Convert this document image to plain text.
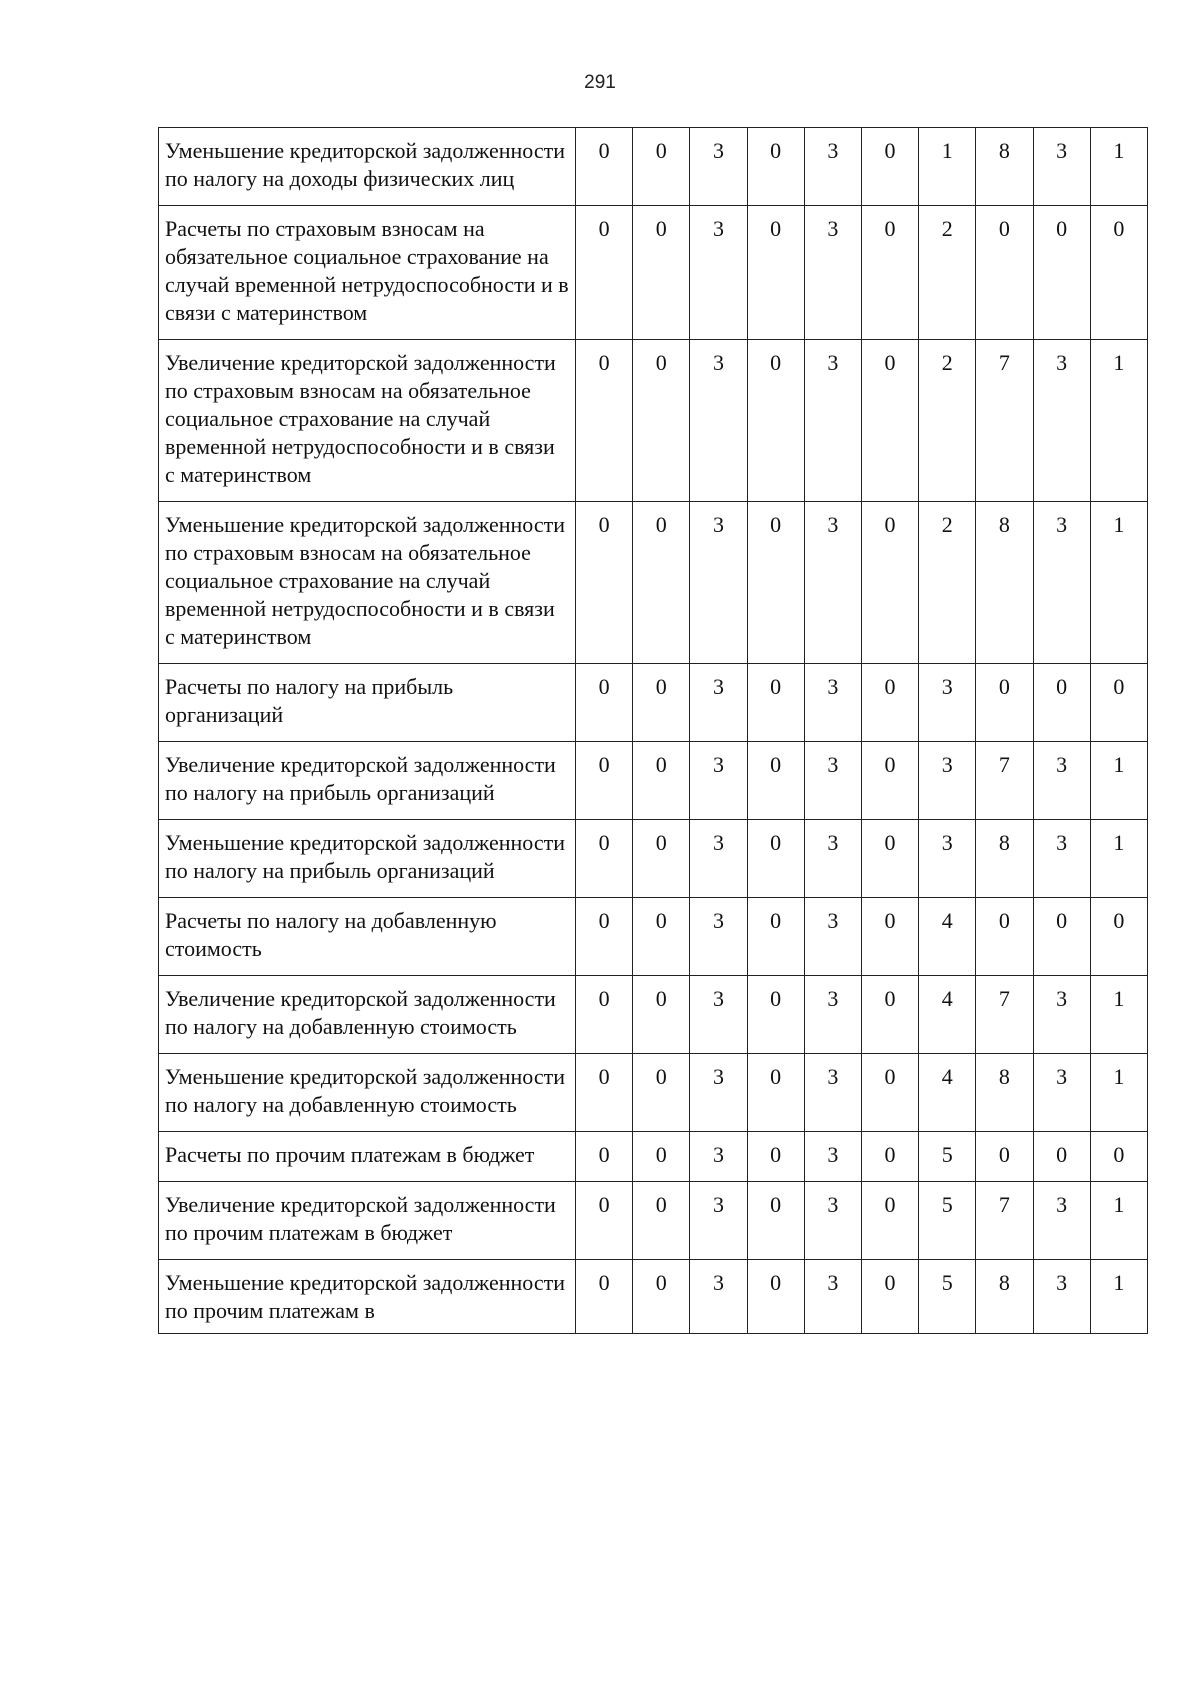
291
Уменьшение кредиторской задолженности по налогу на доходы физических лиц	0	0	3	0	3	0	1	8	3	1
Расчеты по страховым взносам на обязательное социальное страхование на случай временной нетрудоспособности и в связи с материнством	0	0	3	0	3	0	2	0	0	0
Увеличение кредиторской задолженности по страховым взносам на обязательное социальное страхование на случай временной нетрудоспособности и в связи с материнством	0	0	3	0	3	0	2	7	3	1
Уменьшение кредиторской задолженности по страховым взносам на обязательное социальное страхование на случай временной нетрудоспособности и в связи с материнством	0	0	3	0	3	0	2	8	3	1
Расчеты по налогу на прибыль организаций	0	0	3	0	3	0	3	0	0	0
Увеличение кредиторской задолженности по налогу на прибыль организаций	0	0	3	0	3	0	3	7	3	1
Уменьшение кредиторской задолженности по налогу на прибыль организаций	0	0	3	0	3	0	3	8	3	1
Расчеты по налогу на добавленную стоимость	0	0	3	0	3	0	4	0	0	0
Увеличение кредиторской задолженности по налогу на добавленную стоимость	0	0	3	0	3	0	4	7	3	1
Уменьшение кредиторской задолженности по налогу на добавленную стоимость	0	0	3	0	3	0	4	8	3	1
Расчеты по прочим платежам в бюджет	0	0	3	0	3	0	5	0	0	0
Увеличение кредиторской задолженности по прочим платежам в бюджет	0	0	3	0	3	0	5	7	3	1
Уменьшение кредиторской задолженности по прочим платежам в	0	0	3	0	3	0	5	8	3	1
